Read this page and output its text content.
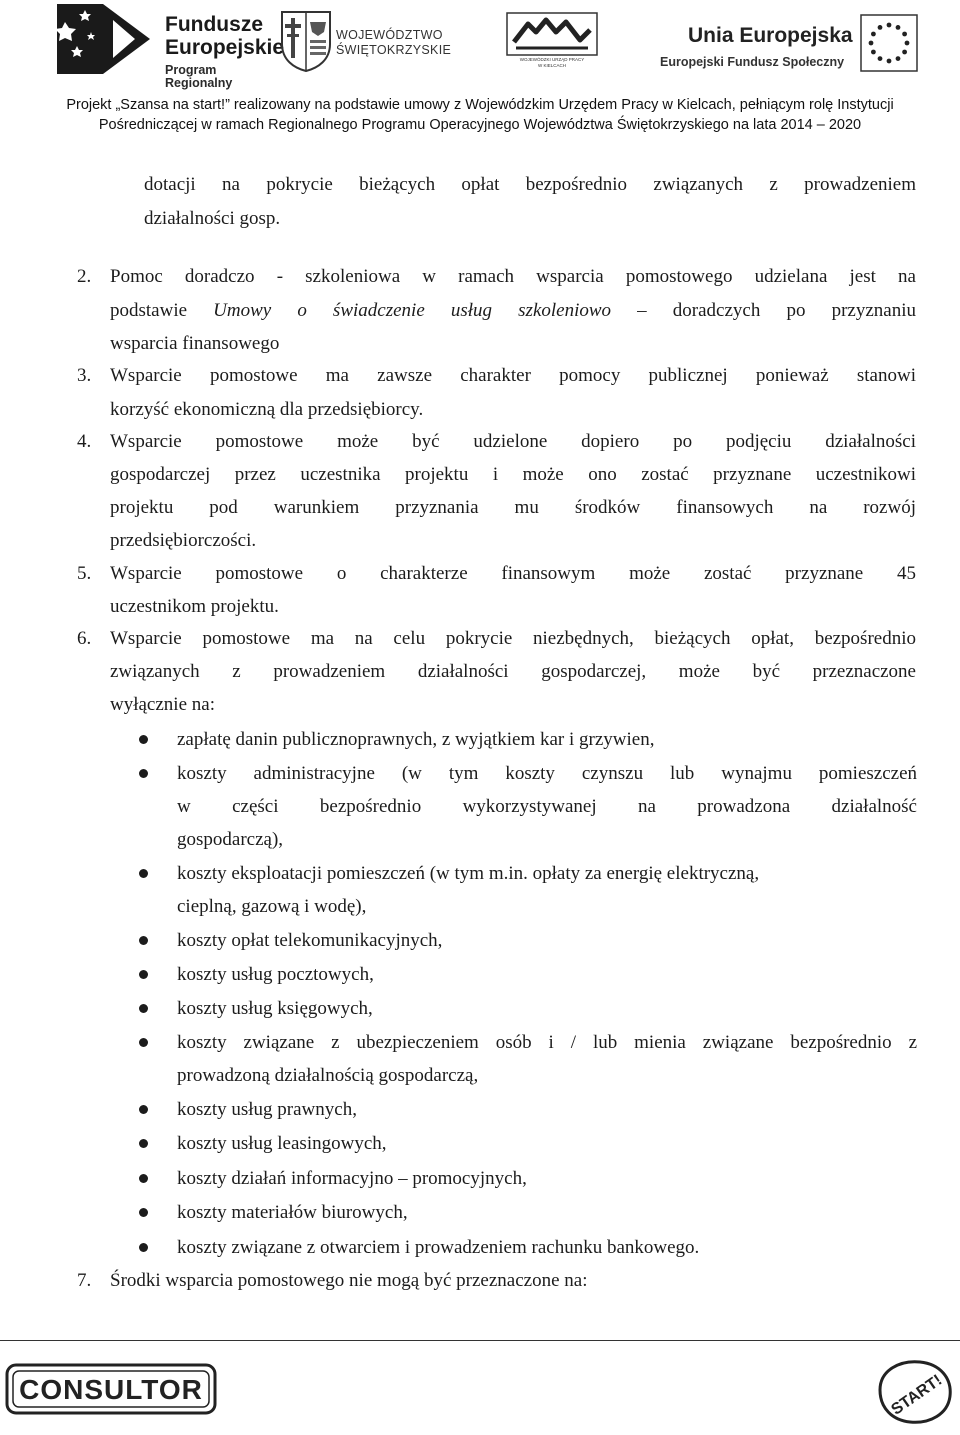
Fundusze
Europejskie
Program Regionalny
WOJEWÓDZTWO
ŚWIĘTOKRZYSKIE
WOJEWÓDZKI URZĄD PRACY
W KIELCACH
Unia Europejska
Europejski Fundusz Społeczny
Projekt „Szansa na start!” realizowany na podstawie umowy z Wojewódzkim Urzędem Pracy w Kielcach, pełniącym rolę Instytucji
Pośredniczącej w ramach Regionalnego Programu Operacyjnego Województwa Świętokrzyskiego na lata 2014 – 2020
dotacji na pokrycie bieżących opłat bezpośrednio związanych z prowadzeniem
działalności gosp.
2. Pomoc doradczo - szkoleniowa w ramach wsparcia pomostowego udzielana jest na
podstawie Umowy o świadczenie usług szkoleniowo – doradczych po przyznaniu
wsparcia finansowego
3. Wsparcie pomostowe ma zawsze charakter pomocy publicznej ponieważ stanowi
korzyść ekonomiczną dla przedsiębiorcy.
4. Wsparcie pomostowe może być udzielone dopiero po podjęciu działalności
gospodarczej przez uczestnika projektu i może ono zostać przyznane uczestnikowi
projektu pod warunkiem przyznania mu środków finansowych na rozwój
przedsiębiorczości.
5. Wsparcie pomostowe o charakterze finansowym może zostać przyznane 45
uczestnikom projektu.
6. Wsparcie pomostowe ma na celu pokrycie niezbędnych, bieżących opłat, bezpośrednio
związanych z prowadzeniem działalności gospodarczej, może być przeznaczone
wyłącznie na:
zapłatę danin publicznoprawnych, z wyjątkiem kar i grzywien,
koszty administracyjne (w tym koszty czynszu lub wynajmu pomieszczeń
w części bezpośrednio wykorzystywanej na prowadzona działalność
gospodarczą),
koszty eksploatacji pomieszczeń (w tym m.in. opłaty za energię elektryczną,
cieplną, gazową i wodę),
koszty opłat telekomunikacyjnych,
koszty usług pocztowych,
koszty usług księgowych,
koszty związane z ubezpieczeniem osób i / lub mienia związane bezpośrednio z
prowadzoną działalnością gospodarczą,
koszty usług prawnych,
koszty usług leasingowych,
koszty działań informacyjno – promocyjnych,
koszty materiałów biurowych,
koszty związane z otwarciem i prowadzeniem rachunku bankowego.
7. Środki wsparcia pomostowego nie mogą być przeznaczone na:
CONSULTOR	START!
